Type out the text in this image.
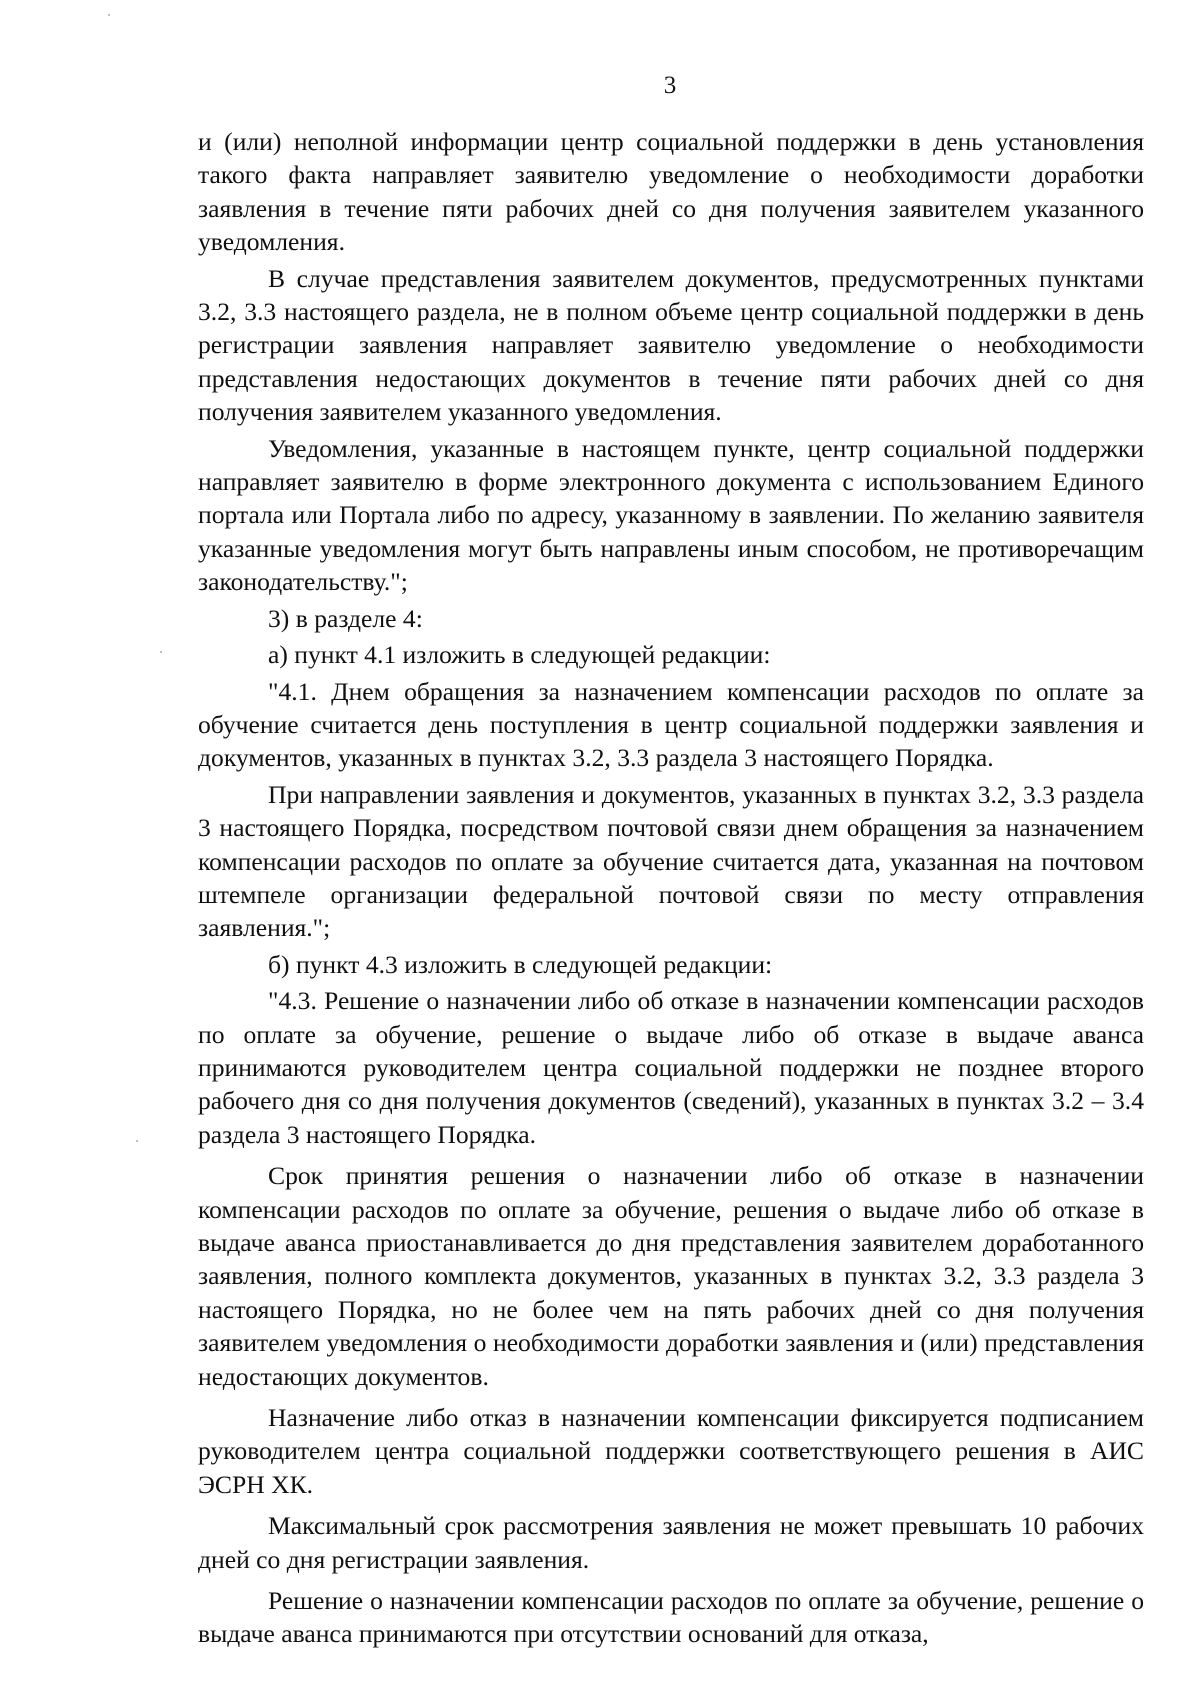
3

и (или) неполной информации центр социальной поддержки в день установления такого факта направляет заявителю уведомление о необходимости доработки заявления в течение пяти рабочих дней со дня получения заявителем указанного уведомления.

В случае представления заявителем документов, предусмотренных пунктами 3.2, 3.3 настоящего раздела, не в полном объеме центр социальной поддержки в день регистрации заявления направляет заявителю уведомление о необходимости представления недостающих документов в течение пяти рабочих дней со дня получения заявителем указанного уведомления.

Уведомления, указанные в настоящем пункте, центр социальной поддержки направляет заявителю в форме электронного документа с использованием Единого портала или Портала либо по адресу, указанному в заявлении. По желанию заявителя указанные уведомления могут быть направлены иным способом, не противоречащим законодательству.";

3) в разделе 4:

а) пункт 4.1 изложить в следующей редакции:

"4.1. Днем обращения за назначением компенсации расходов по оплате за обучение считается день поступления в центр социальной поддержки заявления и документов, указанных в пунктах 3.2, 3.3 раздела 3 настоящего Порядка.

При направлении заявления и документов, указанных в пунктах 3.2, 3.3 раздела 3 настоящего Порядка, посредством почтовой связи днем обращения за назначением компенсации расходов по оплате за обучение считается дата, указанная на почтовом штемпеле организации федеральной почтовой связи по месту отправления заявления.";

б) пункт 4.3 изложить в следующей редакции:

"4.3. Решение о назначении либо об отказе в назначении компенсации расходов по оплате за обучение, решение о выдаче либо об отказе в выдаче аванса принимаются руководителем центра социальной поддержки не позднее второго рабочего дня со дня получения документов (сведений), указанных в пунктах 3.2 – 3.4 раздела 3 настоящего Порядка.

Срок принятия решения о назначении либо об отказе в назначении компенсации расходов по оплате за обучение, решения о выдаче либо об отказе в выдаче аванса приостанавливается до дня представления заявителем доработанного заявления, полного комплекта документов, указанных в пунктах 3.2, 3.3 раздела 3 настоящего Порядка, но не более чем на пять рабочих дней со дня получения заявителем уведомления о необходимости доработки заявления и (или) представления недостающих документов.

Назначение либо отказ в назначении компенсации фиксируется подписанием руководителем центра социальной поддержки соответствующего решения в АИС ЭСРН ХК.

Максимальный срок рассмотрения заявления не может превышать 10 рабочих дней со дня регистрации заявления.

Решение о назначении компенсации расходов по оплате за обучение, решение о выдаче аванса принимаются при отсутствии оснований для отказа,
